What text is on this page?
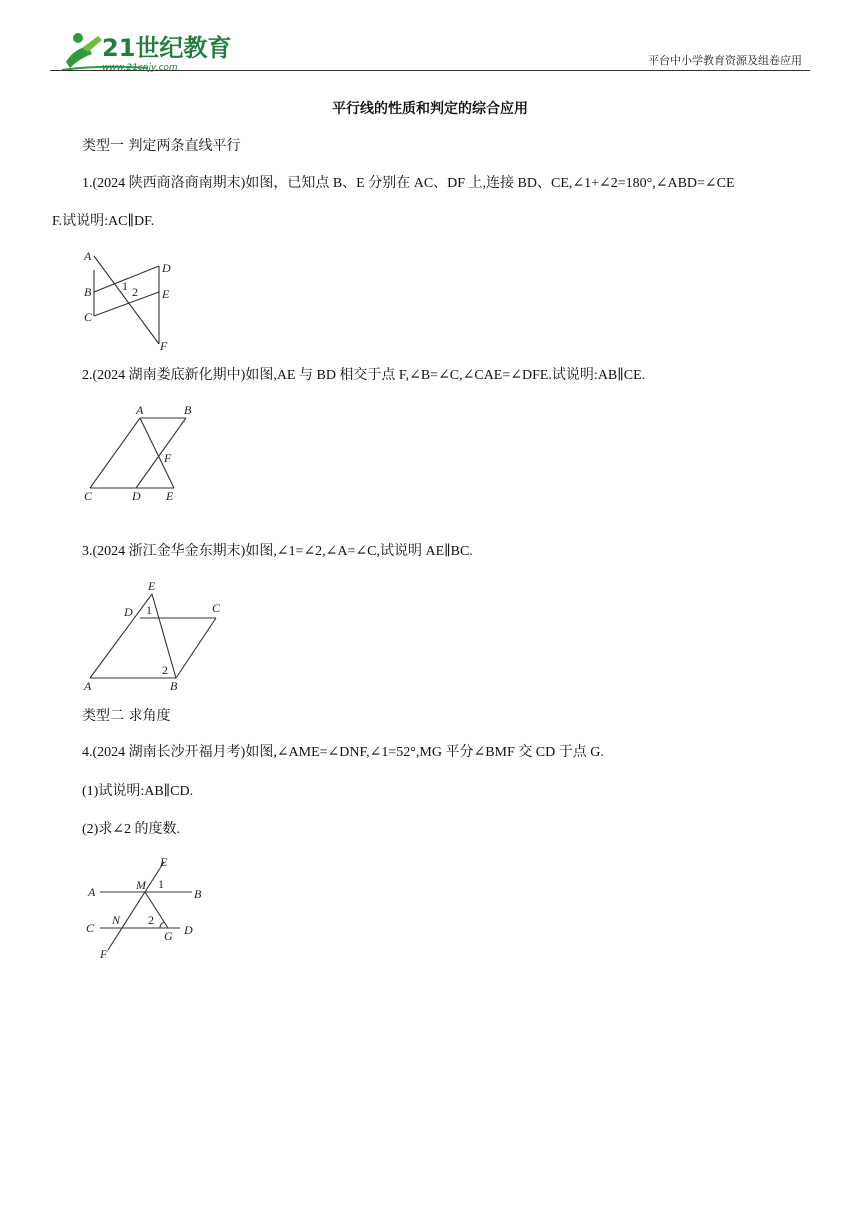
21世纪教育
www.21cnjy.com
平台中小学教育资源及组卷应用
平行线的性质和判定的综合应用
类型一 判定两条直线平行
1.(2024 陕西商洛商南期末)如图，已知点 B、E 分别在 AC、DF 上,连接 BD、CE,∠1+∠2=180°,∠ABD=∠CE
F.试说明:AC∥DF.
A
B
C
D
E
F
1 2
2.(2024 湖南娄底新化期中)如图,AE 与 BD 相交于点 F,∠B=∠C,∠CAE=∠DFE.试说明:AB∥CE.
A	B
C	D E
F
3.(2024 浙江金华金东期末)如图,∠1=∠2,∠A=∠C,试说明 AE∥BC.
E
D	C
A	B
1
2
类型二 求角度
4.(2024 湖南长沙开福月考)如图,∠AME=∠DNF,∠1=52°,MG 平分∠BMF 交 CD 于点 G.
(1)试说明:AB∥CD.
(2)求∠2 的度数.
E
A	B
M 1
C
N 2
G D
F
